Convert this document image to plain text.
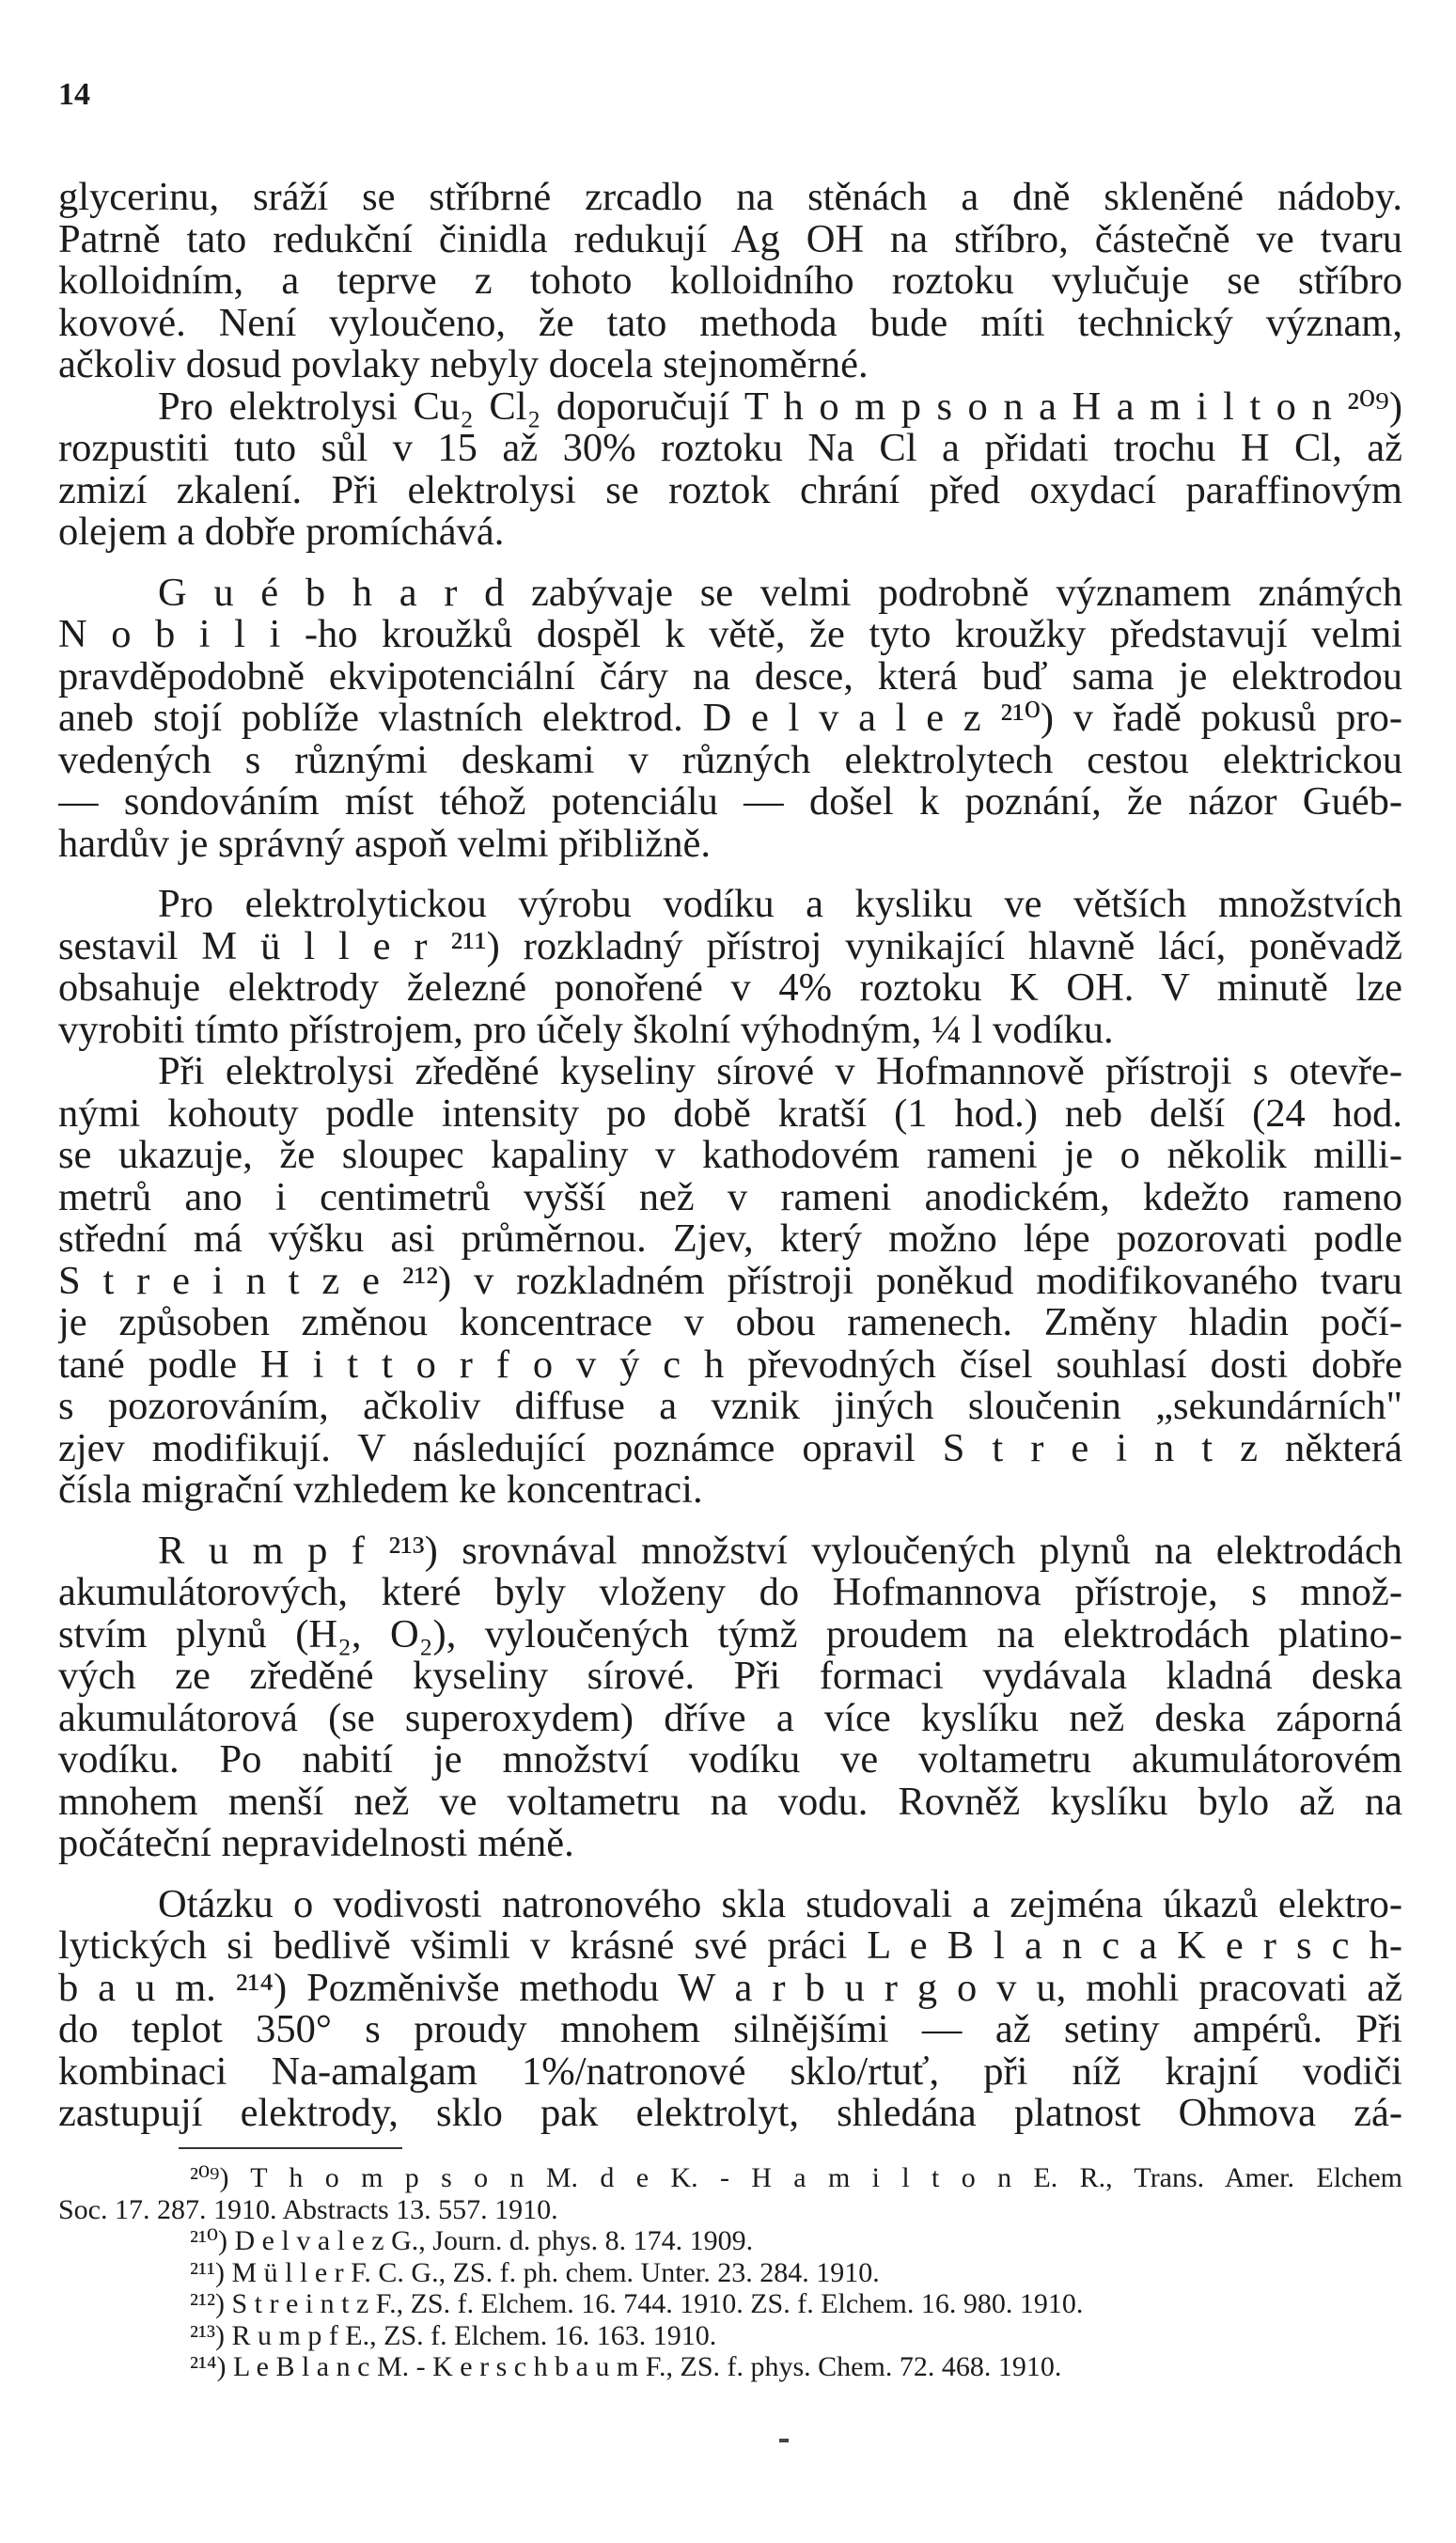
14
glycerinu, sráží se stříbrné zrcadlo na stěnách a dně skleněné nádoby.
Patrně tato redukční činidla redukují Ag OH na stříbro, částečně ve tvaru
kolloidním, a teprve z tohoto kolloidního roztoku vylučuje se stříbro
kovové. Není vyloučeno, že tato methoda bude míti technický význam,
ačkoliv dosud povlaky nebyly docela stejnoměrné.
Pro elektrolysi Cu₂ Cl₂ doporučují T h o m p s o n a H a m i l t o n ²⁰⁹)
rozpustiti tuto sůl v 15 až 30% roztoku Na Cl a přidati trochu H Cl, až
zmizí zkalení. Při elektrolysi se roztok chrání před oxydací paraffinovým
olejem a dobře promíchává.
G u é b h a r d zabývaje se velmi podrobně významem známých
N o b i l i -ho kroužků dospěl k větě, že tyto kroužky představují velmi
pravděpodobně ekvipotenciální čáry na desce, která buď sama je elektrodou
aneb stojí poblíže vlastních elektrod. D e l v a l e z ²¹⁰) v řadě pokusů pro-
vedených s různými deskami v různých elektrolytech cestou elektrickou
— sondováním míst téhož potenciálu — došel k poznání, že názor Guéb-
hardův je správný aspoň velmi přibližně.
Pro elektrolytickou výrobu vodíku a kysliku ve větších množstvích
sestavil M ü l l e r ²¹¹) rozkladný přístroj vynikající hlavně lácí, poněvadž
obsahuje elektrody železné ponořené v 4% roztoku K OH. V minutě lze
vyrobiti tímto přístrojem, pro účely školní výhodným, ¼ l vodíku.
Při elektrolysi zředěné kyseliny sírové v Hofmannově přístroji s otevře-
nými kohouty podle intensity po době kratší (1 hod.) neb delší (24 hod.
se ukazuje, že sloupec kapaliny v kathodovém rameni je o několik milli-
metrů ano i centimetrů vyšší než v rameni anodickém, kdežto rameno
střední má výšku asi průměrnou. Zjev, který možno lépe pozorovati podle
S t r e i n t z e ²¹²) v rozkladném přístroji poněkud modifikovaného tvaru
je způsoben změnou koncentrace v obou ramenech. Změny hladin počí-
tané podle H i t t o r f o v ý c h převodných čísel souhlasí dosti dobře
s pozorováním, ačkoliv diffuse a vznik jiných sloučenin „sekundárních"
zjev modifikují. V následující poznámce opravil S t r e i n t z některá
čísla migrační vzhledem ke koncentraci.
R u m p f ²¹³) srovnával množství vyloučených plynů na elektrodách
akumulátorových, které byly vloženy do Hofmannova přístroje, s množ-
stvím plynů (H₂, O₂), vyloučených týmž proudem na elektrodách platino-
vých ze zředěné kyseliny sírové. Při formaci vydávala kladná deska
akumulátorová (se superoxydem) dříve a více kyslíku než deska záporná
vodíku. Po nabití je množství vodíku ve voltametru akumulátorovém
mnohem menší než ve voltametru na vodu. Rovněž kyslíku bylo až na
počáteční nepravidelnosti méně.
Otázku o vodivosti natronového skla studovali a zejména úkazů elektro-
lytických si bedlivě všimli v krásné své práci L e B l a n c a K e r s c h-
b a u m. ²¹⁴) Pozměnivše methodu W a r b u r g o v u, mohli pracovati až
do teplot 350° s proudy mnohem silnějšími — až setiny ampérů. Při
kombinaci Na-amalgam 1%/natronové sklo/rtuť, při níž krajní vodiči
zastupují elektrody, sklo pak elektrolyt, shledána platnost Ohmova zá-
²⁰⁹) T h o m p s o n M. d e K. - H a m i l t o n E. R., Trans. Amer. Elchem
Soc. 17. 287. 1910. Abstracts 13. 557. 1910.
²¹⁰) D e l v a l e z G., Journ. d. phys. 8. 174. 1909.
²¹¹) M ü l l e r F. C. G., ZS. f. ph. chem. Unter. 23. 284. 1910.
²¹²) S t r e i n t z F., ZS. f. Elchem. 16. 744. 1910. ZS. f. Elchem. 16. 980. 1910.
²¹³) R u m p f E., ZS. f. Elchem. 16. 163. 1910.
²¹⁴) L e B l a n c M. - K e r s c h b a u m F., ZS. f. phys. Chem. 72. 468. 1910.
